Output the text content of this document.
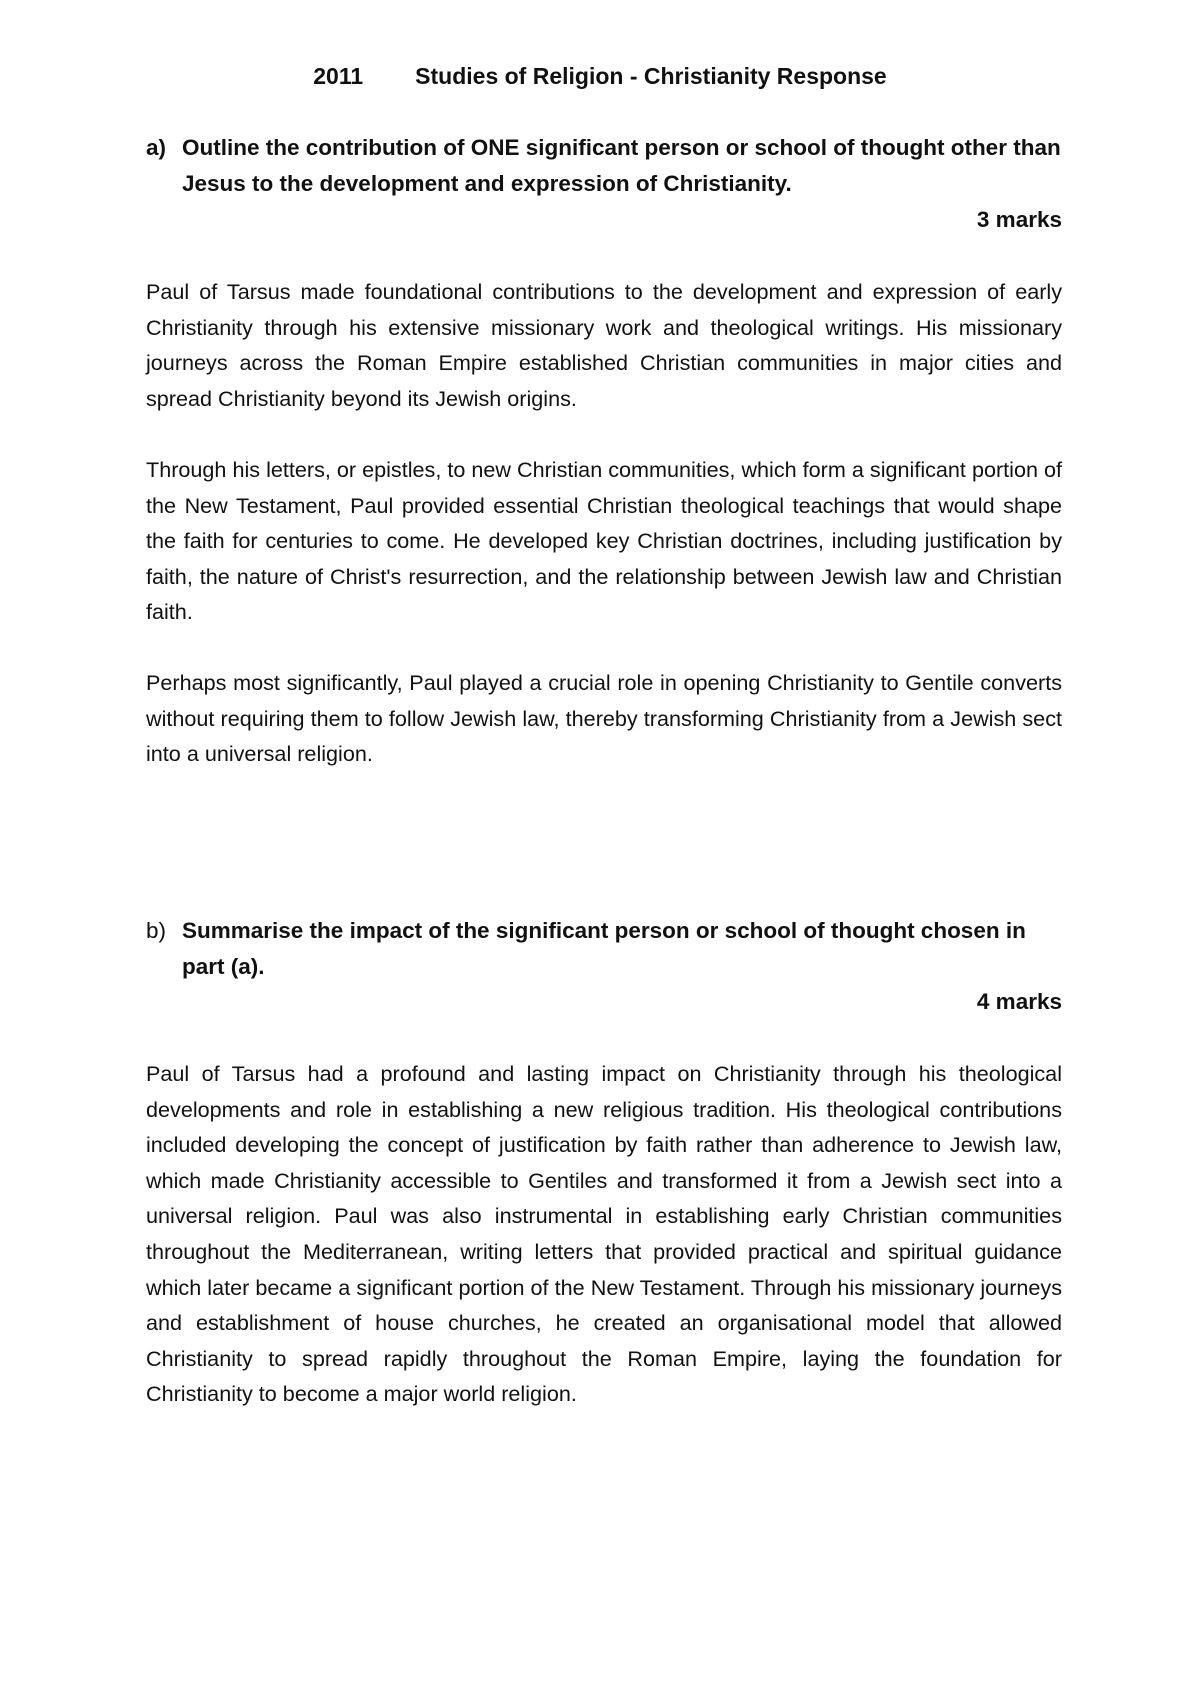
2011 Studies of Religion - Christianity Response
a) Outline the contribution of ONE significant person or school of thought other than Jesus to the development and expression of Christianity.
3 marks

Paul of Tarsus made foundational contributions to the development and expression of early Christianity through his extensive missionary work and theological writings. His missionary journeys across the Roman Empire established Christian communities in major cities and spread Christianity beyond its Jewish origins.

Through his letters, or epistles, to new Christian communities, which form a significant portion of the New Testament, Paul provided essential Christian theological teachings that would shape the faith for centuries to come. He developed key Christian doctrines, including justification by faith, the nature of Christ's resurrection, and the relationship between Jewish law and Christian faith.

Perhaps most significantly, Paul played a crucial role in opening Christianity to Gentile converts without requiring them to follow Jewish law, thereby transforming Christianity from a Jewish sect into a universal religion.

b) Summarise the impact of the significant person or school of thought chosen in part (a).
4 marks

Paul of Tarsus had a profound and lasting impact on Christianity through his theological developments and role in establishing a new religious tradition. His theological contributions included developing the concept of justification by faith rather than adherence to Jewish law, which made Christianity accessible to Gentiles and transformed it from a Jewish sect into a universal religion. Paul was also instrumental in establishing early Christian communities throughout the Mediterranean, writing letters that provided practical and spiritual guidance which later became a significant portion of the New Testament. Through his missionary journeys and establishment of house churches, he created an organisational model that allowed Christianity to spread rapidly throughout the Roman Empire, laying the foundation for Christianity to become a major world religion.
